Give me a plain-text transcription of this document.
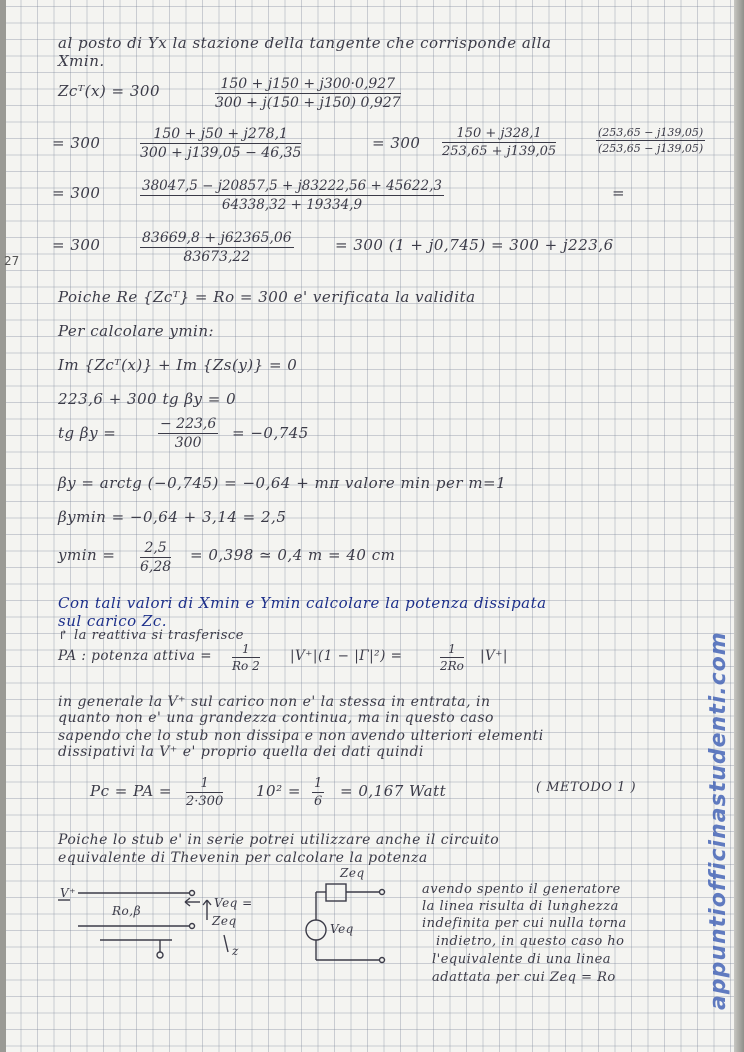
27
al posto di Yx la stazione della tangente che corrisponde alla
Xmin.
Zcᵀ(x) = 300	$\frac{150 + j150 + j300\cdot 0,927}{300 + j(150 + j150) 0,927}$
= 300	$\frac{150 + j50 + j278,1}{300 + j139,05 - 46,35}$	= $300 \frac{150 + j328,1}{253,65 + j139,05}$	$\frac{(253,65 - j139,05)}{(253,65 - j139,05)}$
= 300	$\frac{38047,5 - j20857,5 + j83222,56 + 45622,3}{64338,32 + 19334,9}$	=
= 300	$\frac{83669,8 + j62365,06}{83673,22}$	= 300 (1 + j0,745) = 300 + j223,6
Poiche Re {Zcᵀ} = Ro = 300 e' verificata la validita
Per calcolare ymin:
Im {Zcᵀ(x)} + Im {Zs(y)} = 0
223,6 + 300 tg βy = 0
tg βy =	$\frac{- 223,6}{300} = -0,745$
βy = arctg (−0,745) = −0,64 + mπ valore min per m=1
βymin = −0,64 + 3,14 = 2,5
$ymin = \frac{2,5}{6,28} = 0,398$ ≃ 0,4 m = 40 cm
Con tali valori di Xmin e Ymin calcolare la potenza dissipata
sul carico Zc.
↱ la reattiva si trasferisce
PA : potenza attiva = $\frac{1}{Ro 2} |V^+|(1 - |\Gamma|^2)$ =	$\frac{1}{2Ro} |V^+|$
in generale la V⁺ sul carico non e' la stessa in entrata, in
quanto non e' una grandezza continua, ma in questo caso
sapendo che lo stub non dissipa e non avendo ulteriori elementi
dissipativi la V⁺ e' proprio quella dei dati quindi
Pc = PA = $\frac{1}{2\cdot 300} 10^2 = \frac{1}{6} = 0,167$ Watt	( METODO 1 )
Poiche lo stub e' in serie potrei utilizzare anche il circuito
equivalente di Thevenin per calcolare la potenza
V⁺
Ro,β
Veq =
Zeq
z
Zeq
Veq
avendo spento il generatore
la linea risulta di lunghezza
indefinita per cui nulla torna
indietro, in questo caso ho
l'equivalente di una linea
adattata per cui Zeq = Ro	appuntiofficinastudenti.com
